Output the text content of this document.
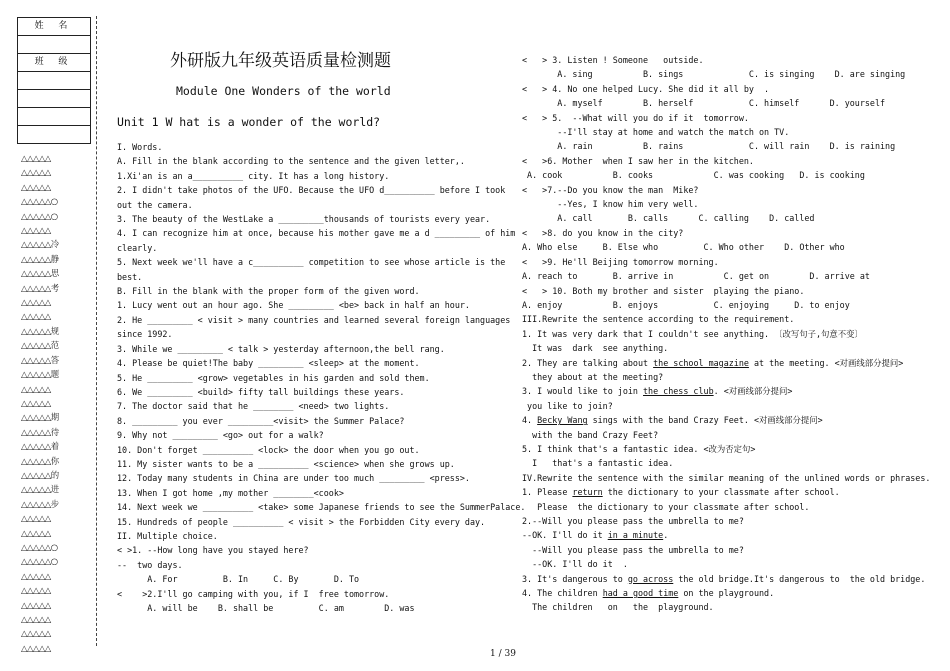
姓 名
班 级
△△△△△
△△△△△
△△△△△
△△△△△○
△△△△△○
△△△△△
△△△△△冷
△△△△△静
△△△△△思
△△△△△考
△△△△△
△△△△△
△△△△△规
△△△△△范
△△△△△答
△△△△△题
△△△△△
△△△△△
△△△△△期
△△△△△待
△△△△△着
△△△△△你
△△△△△的
△△△△△进
△△△△△步
△△△△△
△△△△△
△△△△△○
△△△△△○
△△△△△
△△△△△
△△△△△
△△△△△
△△△△△
△△△△△
外研版九年级英语质量检测题
Module One Wonders of the world
Unit 1 W hat is a wonder of the world?
I. Words.
A. Fill in the blank according to the sentence and the given letter,.
1.Xi'an is an a__________ city. It has a long history.
2. I didn't take photos of the UFO. Because the UFO d__________ before I took
out the camera.
3. The beauty of the WestLake a _________thousands of tourists every year.
4. I can recognize him at once, because his mother gave me a d _________ of him
clearly.
5. Next week we'll have a c__________ competition to see whose article is the
best.
B. Fill in the blank with the proper form of the given word.
1. Lucy went out an hour ago. She _________ <be> back in half an hour.
2. He _________ < visit > many countries and learned several foreign languages
since 1992.
3. While we _________ < talk > yesterday afternoon,the bell rang.
4. Please be quiet!The baby _________ <sleep> at the moment.
5. He _________ <grow> vegetables in his garden and sold them.
6. We _________ <build> fifty tall buildings these years.
7. The doctor said that he ________ <need> two lights.
8. _________ you ever _________<visit> the Summer Palace?
9. Why not _________ <go> out for a walk?
10. Don't forget __________ <lock> the door when you go out.
11. My sister wants to be a __________ <science> when she grows up.
12. Today many students in China are under too much _________ <press>.
13. When I got home ,my mother ________<cook>
14. Next week we __________ <take> some Japanese friends to see the SummerPalace.
15. Hundreds of people __________ < visit > the Forbidden City every day.
II. Multiple choice.
< >1. --How long have you stayed here?
--  two days.
A. For         B. In     C. By       D. To
<    >2.I'll go camping with you, if I  free tomorrow.
A. will be    B. shall be         C. am        D. was
<   > 3. Listen ! Someone   outside.
A. sing          B. sings             C. is singing    D. are singing
<   > 4. No one helped Lucy. She did it all by  .
A. myself        B. herself           C. himself      D. yourself
<   > 5.  --What will you do if it  tomorrow.
--I'll stay at home and watch the match on TV.
A. rain          B. rains             C. will rain    D. is raining
<   >6. Mother  when I saw her in the kitchen.
A. cook          B. cooks            C. was cooking   D. is cooking
<   >7.--Do you know the man  Mike?
--Yes, I know him very well.
A. call       B. calls      C. calling    D. called
<   >8. do you know in the city?
A. Who else     B. Else who         C. Who other    D. Other who
<   >9. He'll Beijing tomorrow morning.
A. reach to       B. arrive in          C. get on        D. arrive at
<   > 10. Both my brother and sister  playing the piano.
A. enjoy          B. enjoys           C. enjoying     D. to enjoy
III.Rewrite the sentence according to the requirement.
1. It was very dark that I couldn't see anything. 〔改写句子,句意不变〕
It was  dark  see anything.
2. They are talking about the school magazine at the meeting. <对画线部分提问>
they about at the meeting?
3. I would like to join the chess club. <对画线部分提问>
you like to join?
4. Becky Wang sings with the band Crazy Feet. <对画线部分提问>
with the band Crazy Feet?
5. I think that's a fantastic idea. <改为否定句>
I   that's a fantastic idea.
IV.Rewrite the sentence with the similar meaning of the unlined words or phrases.
1. Please return the dictionary to your classmate after school.
Please  the dictionary to your classmate after school.
2.--Will you please pass the umbrella to me?
--OK. I'll do it in a minute.
--Will you please pass the umbrella to me?
--OK. I'll do it  .
3. It's dangerous to go across the old bridge.It's dangerous to  the old bridge.
4. The children had a good time on the playground.
The children   on   the  playground.
1 / 39
